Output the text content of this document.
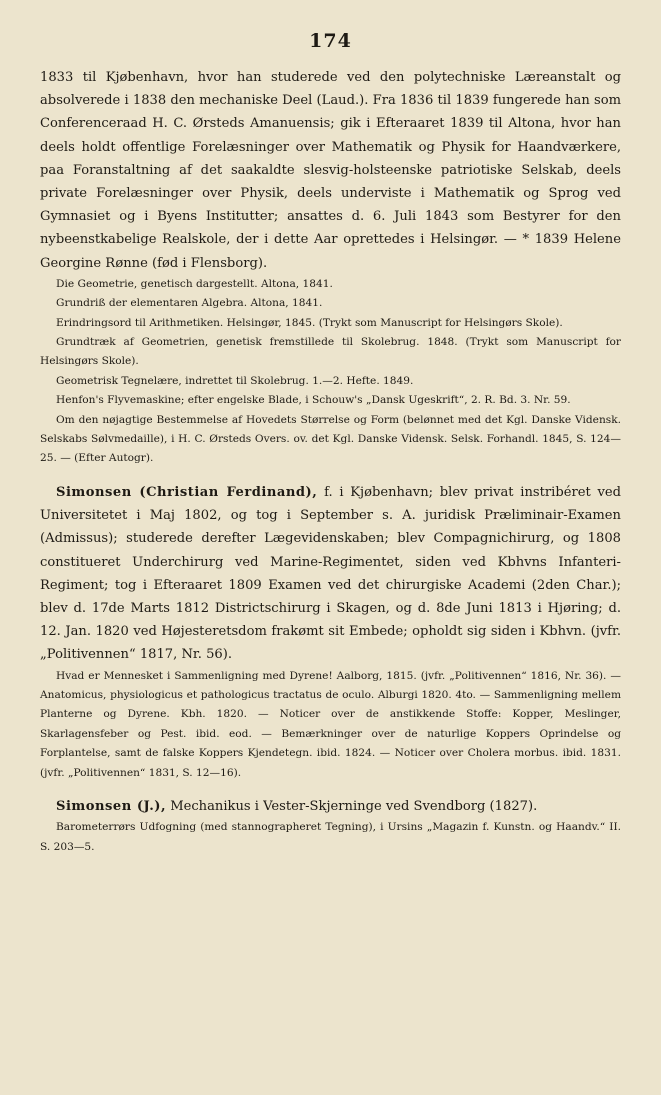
174

1833 til Kjøbenhavn, hvor han studerede ved den polytechniske Læreanstalt og absolverede i 1838 den mechaniske Deel (Laud.). Fra 1836 til 1839 fungerede han som Conferenceraad H. C. Ørsteds Amanuensis; gik i Efteraaret 1839 til Altona, hvor han deels holdt offentlige Forelæsninger over Mathematik og Physik for Haandværkere, paa Foranstaltning af det saakaldte slesvig-holsteenske patriotiske Selskab, deels private Forelæsninger over Physik, deels underviste i Mathematik og Sprog ved Gymnasiet og i Byens Institutter; ansattes d. 6. Juli 1843 som Bestyrer for den nybeenstkabelige Realskole, der i dette Aar oprettedes i Helsingør. — * 1839 Helene Georgine Rønne (fød i Flensborg).

Die Geometrie, genetisch dargestellt. Altona, 1841.

Grundriß der elementaren Algebra. Altona, 1841.

Erindringsord til Arithmetiken. Helsingør, 1845. (Trykt som Manuscript for Helsingørs Skole).

Grundtræk af Geometrien, genetisk fremstillede til Skolebrug. 1848. (Trykt som Manuscript for Helsingørs Skole).

Geometrisk Tegnelære, indrettet til Skolebrug. 1.—2. Hefte. 1849.

Henfon's Flyvemaskine; efter engelske Blade, i Schouw's „Dansk Ugeskrift“, 2. R. Bd. 3. Nr. 59.

Om den nøjagtige Bestemmelse af Hovedets Størrelse og Form (belønnet med det Kgl. Danske Vidensk. Selskabs Sølvmedaille), i H. C. Ørsteds Overs. ov. det Kgl. Danske Vidensk. Selsk. Forhandl. 1845, S. 124—25. — (Efter Autogr).

Simonsen (Christian Ferdinand), f. i Kjøbenhavn; blev privat instribéret ved Universitetet i Maj 1802, og tog i September s. A. juridisk Præliminair-Examen (Admissus); studerede derefter Lægevidenskaben; blev Compagnichirurg, og 1808 constitueret Underchirurg ved Marine-Regimentet, siden ved Kbhvns Infanteri-Regiment; tog i Efteraaret 1809 Examen ved det chirurgiske Academi (2den Char.); blev d. 17de Marts 1812 Districtschirurg i Skagen, og d. 8de Juni 1813 i Hjøring; d. 12. Jan. 1820 ved Højesteretsdom frakømt sit Embede; opholdt sig siden i Kbhvn. (jvfr. „Politivennen“ 1817, Nr. 56).

Hvad er Mennesket i Sammenligning med Dyrene! Aalborg, 1815. (jvfr. „Politivennen“ 1816, Nr. 36). — Anatomicus, physiologicus et pathologicus tractatus de oculo. Alburgi 1820. 4to. — Sammenligning mellem Planterne og Dyrene. Kbh. 1820. — Noticer over de anstikkende Stoffe: Kopper, Meslinger, Skarlagensfeber og Pest. ibid. eod. — Bemærkninger over de naturlige Koppers Oprindelse og Forplantelse, samt de falske Koppers Kjendetegn. ibid. 1824. — Noticer over Cholera morbus. ibid. 1831. (jvfr. „Politivennen“ 1831, S. 12—16).

Simonsen (J.), Mechanikus i Vester-Skjerninge ved Svendborg (1827).

Barometerrørs Udfogning (med stannographeret Tegning), i Ursins „Magazin f. Kunstn. og Haandv.“ II. S. 203—5.
